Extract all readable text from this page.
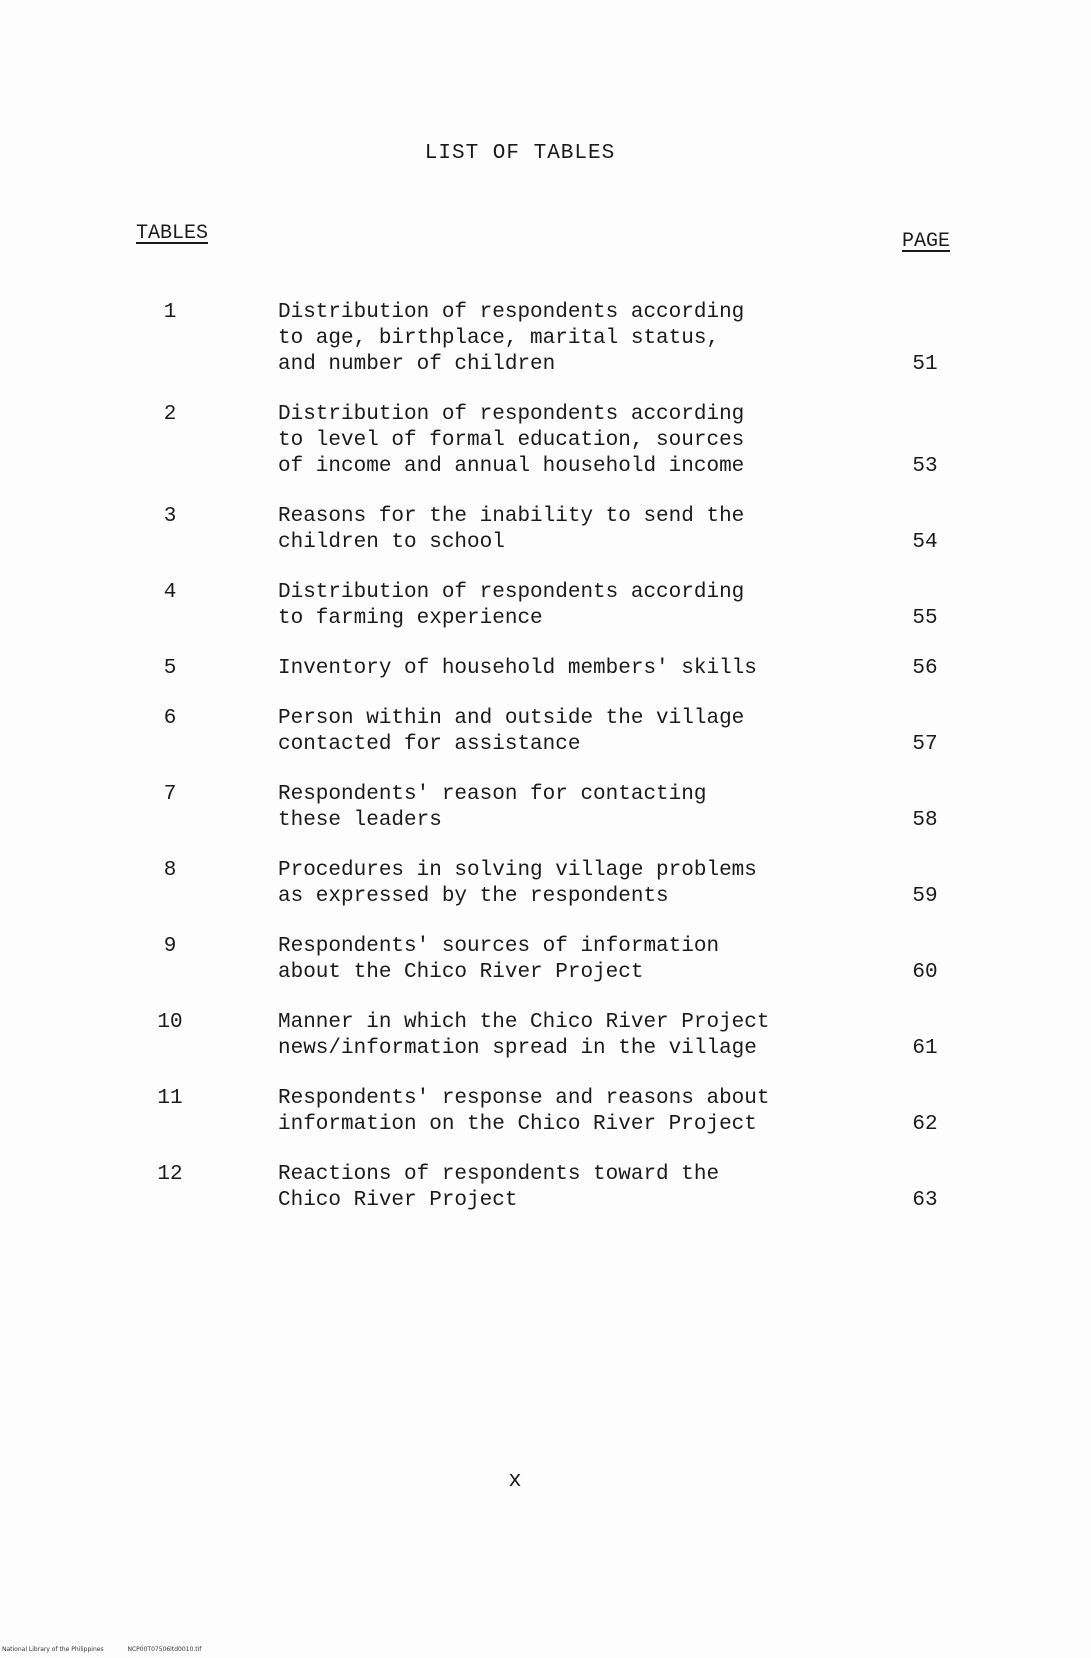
LIST OF TABLES
TABLES	PAGE
1	Distribution of respondents according
to age, birthplace, marital status,
and number of children	51
2	Distribution of respondents according
to level of formal education, sources
of income and annual household income	53
3	Reasons for the inability to send the
children to school	54
4	Distribution of respondents according
to farming experience	55
5	Inventory of household members' skills	56
6	Person within and outside the village
contacted for assistance	57
7	Respondents' reason for contacting
these leaders	58
8	Procedures in solving village problems
as expressed by the respondents	59
9	Respondents' sources of information
about the Chico River Project	60
10	Manner in which the Chico River Project
news/information spread in the village	61
11	Respondents' response and reasons about
information on the Chico River Project	62
12	Reactions of respondents toward the
Chico River Project	63
x
National Library of the Philippines	NCP00T07506ltd0010.tif
